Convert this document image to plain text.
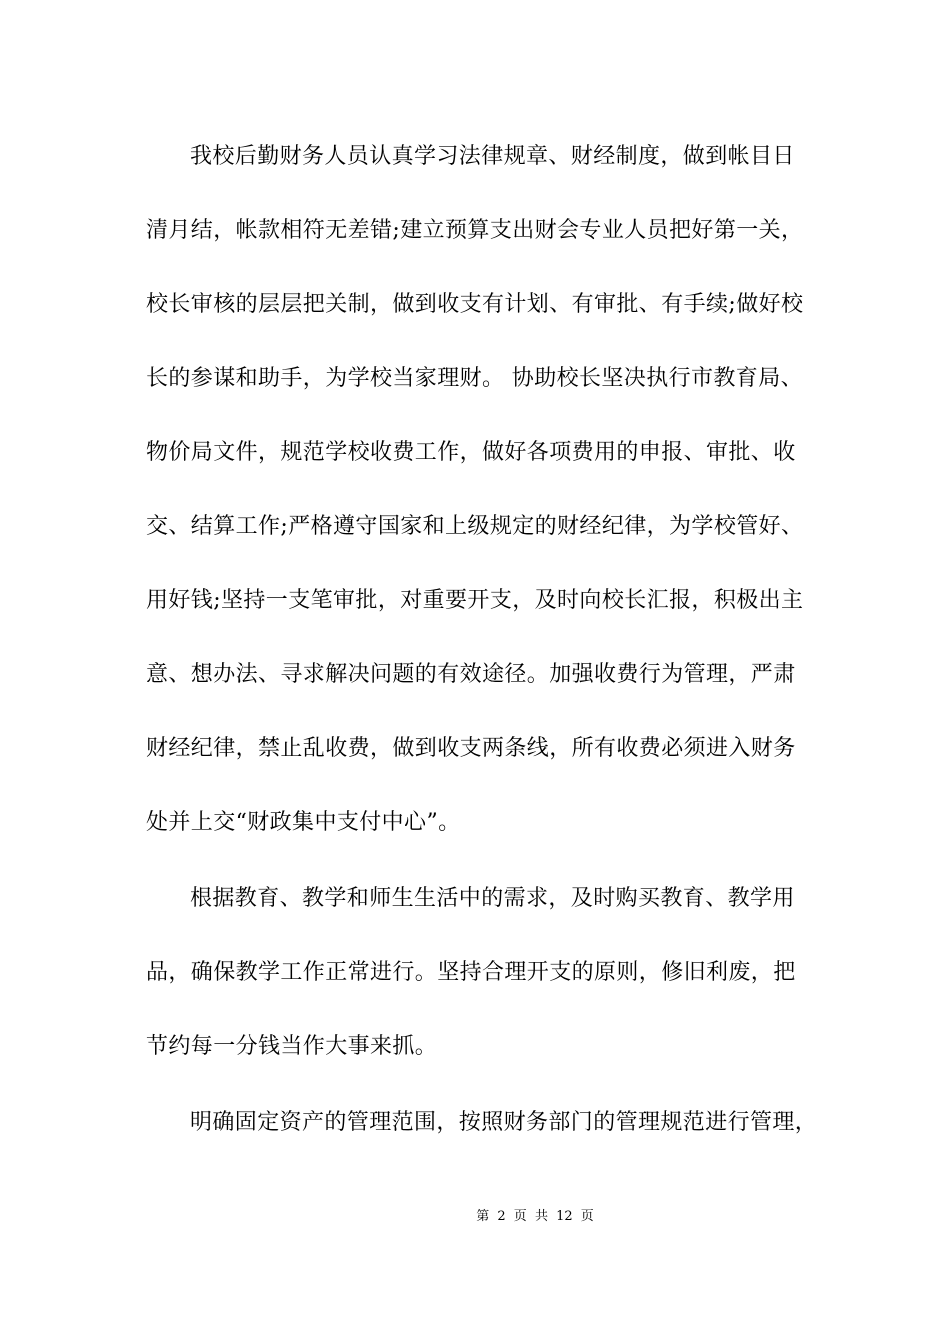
我校后勤财务人员认真学习法律规章、财经制度，做到帐目日
清月结，帐款相符无差错;建立预算支出财会专业人员把好第一关，
校长审核的层层把关制，做到收支有计划、有审批、有手续;做好校
长的参谋和助手，为学校当家理财。 协助校长坚决执行市教育局、
物价局文件，规范学校收费工作，做好各项费用的申报、审批、收
交、结算工作;严格遵守国家和上级规定的财经纪律，为学校管好、
用好钱;坚持一支笔审批，对重要开支，及时向校长汇报，积极出主
意、想办法、寻求解决问题的有效途径。加强收费行为管理，严肃
财经纪律，禁止乱收费，做到收支两条线，所有收费必须进入财务
处并上交“财政集中支付中心”。
根据教育、教学和师生生活中的需求，及时购买教育、教学用
品，确保教学工作正常进行。坚持合理开支的原则，修旧利废，把
节约每一分钱当作大事来抓。
明确固定资产的管理范围，按照财务部门的管理规范进行管理，
第 2 页 共 12 页
